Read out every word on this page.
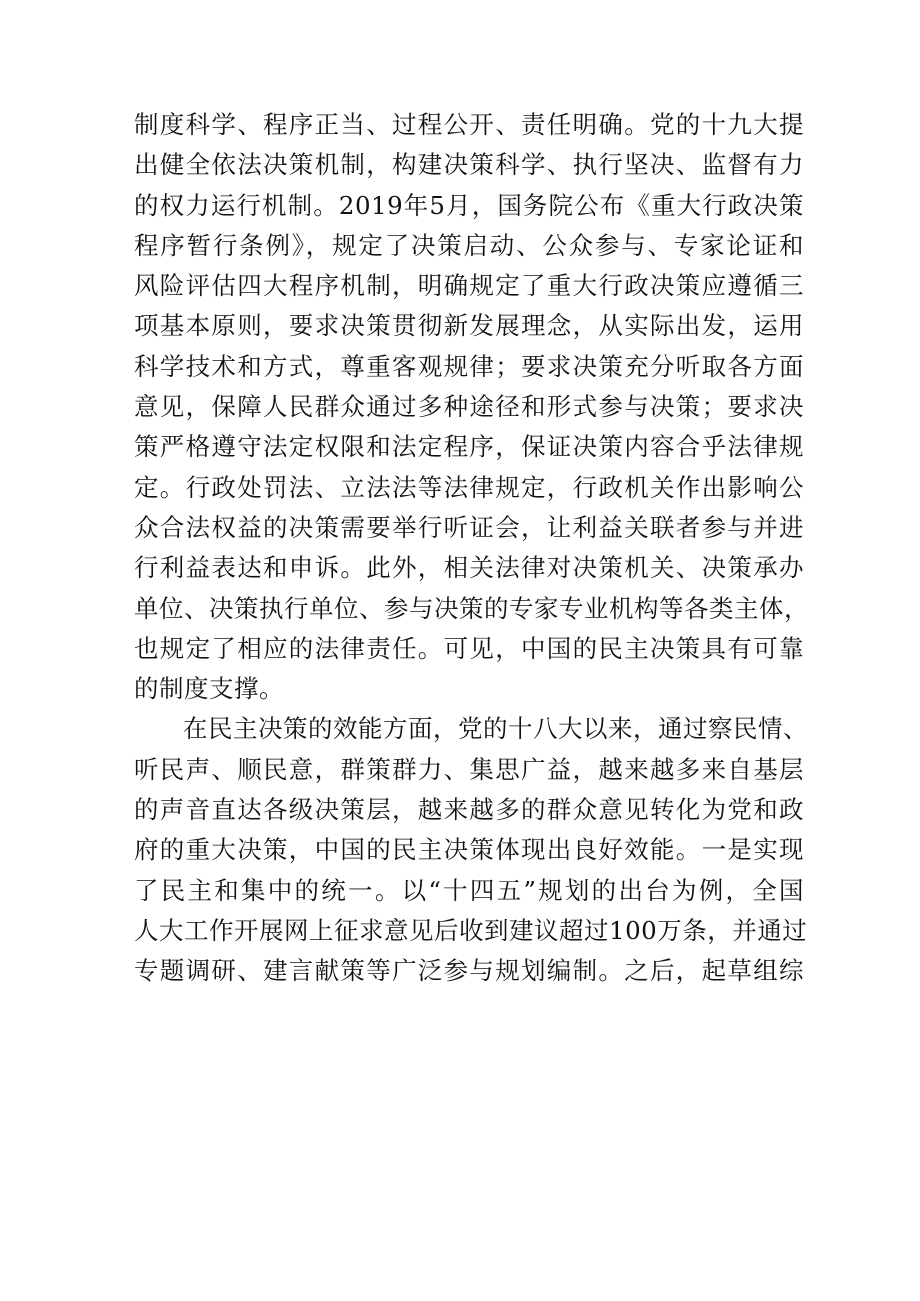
制度科学、程序正当、过程公开、责任明确。党的十九大提
出健全依法决策机制，构建决策科学、执行坚决、监督有力
的权力运行机制。2019年5月，国务院公布《重大行政决策
程序暂行条例》，规定了决策启动、公众参与、专家论证和
风险评估四大程序机制，明确规定了重大行政决策应遵循三
项基本原则，要求决策贯彻新发展理念，从实际出发，运用
科学技术和方式，尊重客观规律；要求决策充分听取各方面
意见，保障人民群众通过多种途径和形式参与决策；要求决
策严格遵守法定权限和法定程序，保证决策内容合乎法律规
定。行政处罚法、立法法等法律规定，行政机关作出影响公
众合法权益的决策需要举行听证会，让利益关联者参与并进
行利益表达和申诉。此外，相关法律对决策机关、决策承办
单位、决策执行单位、参与决策的专家专业机构等各类主体，
也规定了相应的法律责任。可见，中国的民主决策具有可靠
的制度支撑。
在民主决策的效能方面，党的十八大以来，通过察民情、
听民声、顺民意，群策群力、集思广益，越来越多来自基层
的声音直达各级决策层，越来越多的群众意见转化为党和政
府的重大决策，中国的民主决策体现出良好效能。一是实现
了民主和集中的统一。以“十四五”规划的出台为例，全国
人大工作开展网上征求意见后收到建议超过100万条，并通过
专题调研、建言献策等广泛参与规划编制。之后，起草组综
